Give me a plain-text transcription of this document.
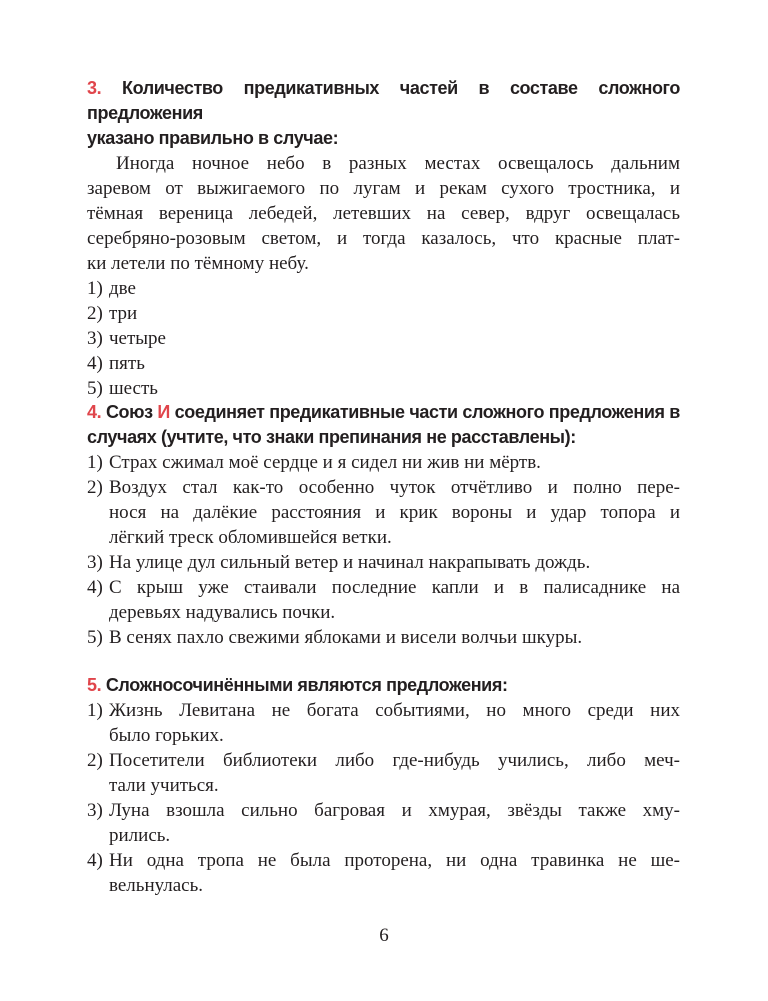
3. Количество предикативных частей в составе сложного предложения
указано правильно в случае:
Иногда ночное небо в разных местах освещалось дальним
заревом от выжигаемого по лугам и рекам сухого тростника, и
тёмная вереница лебедей, летевших на север, вдруг освещалась
серебряно-розовым светом, и тогда казалось, что красные плат-
ки летели по тёмному небу.
1) две
2) три
3) четыре
4) пять
5) шесть
4. Союз И соединяет предикативные части сложного предложения в
случаях (учтите, что знаки препинания не расставлены):
1) Страх сжимал моё сердце и я сидел ни жив ни мёртв.
2) Воздух стал как-то особенно чуток отчётливо и полно пере-
нося на далёкие расстояния и крик вороны и удар топора и
лёгкий треск обломившейся ветки.
3) На улице дул сильный ветер и начинал накрапывать дождь.
4) С крыш уже стаивали последние капли и в палисаднике на
деревьях надувались почки.
5) В сенях пахло свежими яблоками и висели волчьи шкуры.
5. Сложносочинёнными являются предложения:
1) Жизнь Левитана не богата событиями, но много среди них
было горьких.
2) Посетители библиотеки либо где-нибудь учились, либо меч-
тали учиться.
3) Луна взошла сильно багровая и хмурая, звёзды также хму-
рились.
4) Ни одна тропа не была проторена, ни одна травинка не ше-
вельнулась.
6
